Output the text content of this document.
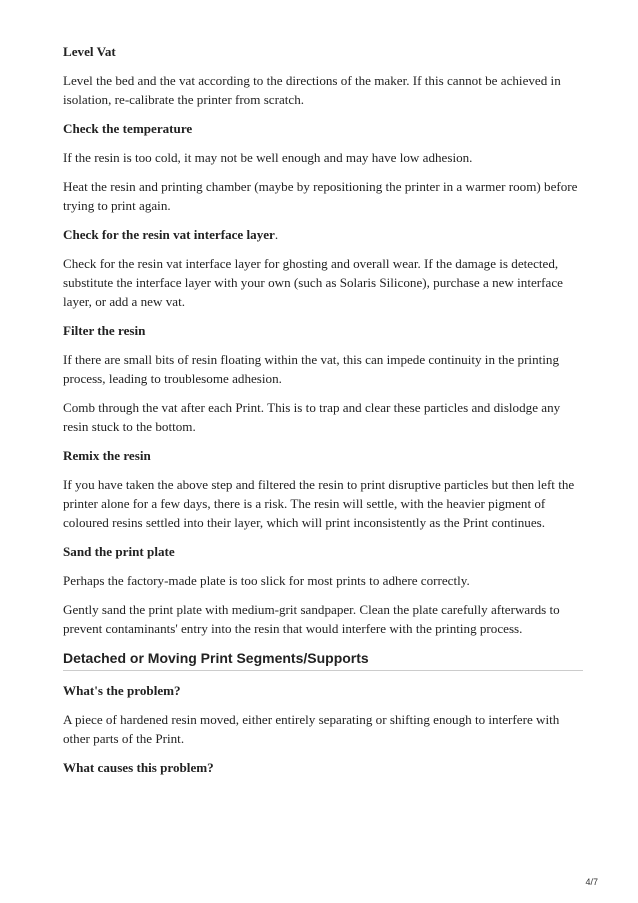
Level Vat

Level the bed and the vat according to the directions of the maker. If this cannot be achieved in isolation, re-calibrate the printer from scratch.

Check the temperature

If the resin is too cold, it may not be well enough and may have low adhesion.

Heat the resin and printing chamber (maybe by repositioning the printer in a warmer room) before trying to print again.

Check for the resin vat interface layer.

Check for the resin vat interface layer for ghosting and overall wear. If the damage is detected, substitute the interface layer with your own (such as Solaris Silicone), purchase a new interface layer, or add a new vat.

Filter the resin

If there are small bits of resin floating within the vat, this can impede continuity in the printing process, leading to troublesome adhesion.

Comb through the vat after each Print. This is to trap and clear these particles and dislodge any resin stuck to the bottom.

Remix the resin

If you have taken the above step and filtered the resin to print disruptive particles but then left the printer alone for a few days, there is a risk. The resin will settle, with the heavier pigment of coloured resins settled into their layer, which will print inconsistently as the Print continues.

Sand the print plate

Perhaps the factory-made plate is too slick for most prints to adhere correctly.

Gently sand the print plate with medium-grit sandpaper. Clean the plate carefully afterwards to prevent contaminants' entry into the resin that would interfere with the printing process.

Detached or Moving Print Segments/Supports

What's the problem?

A piece of hardened resin moved, either entirely separating or shifting enough to interfere with other parts of the Print.

What causes this problem?

4/7
